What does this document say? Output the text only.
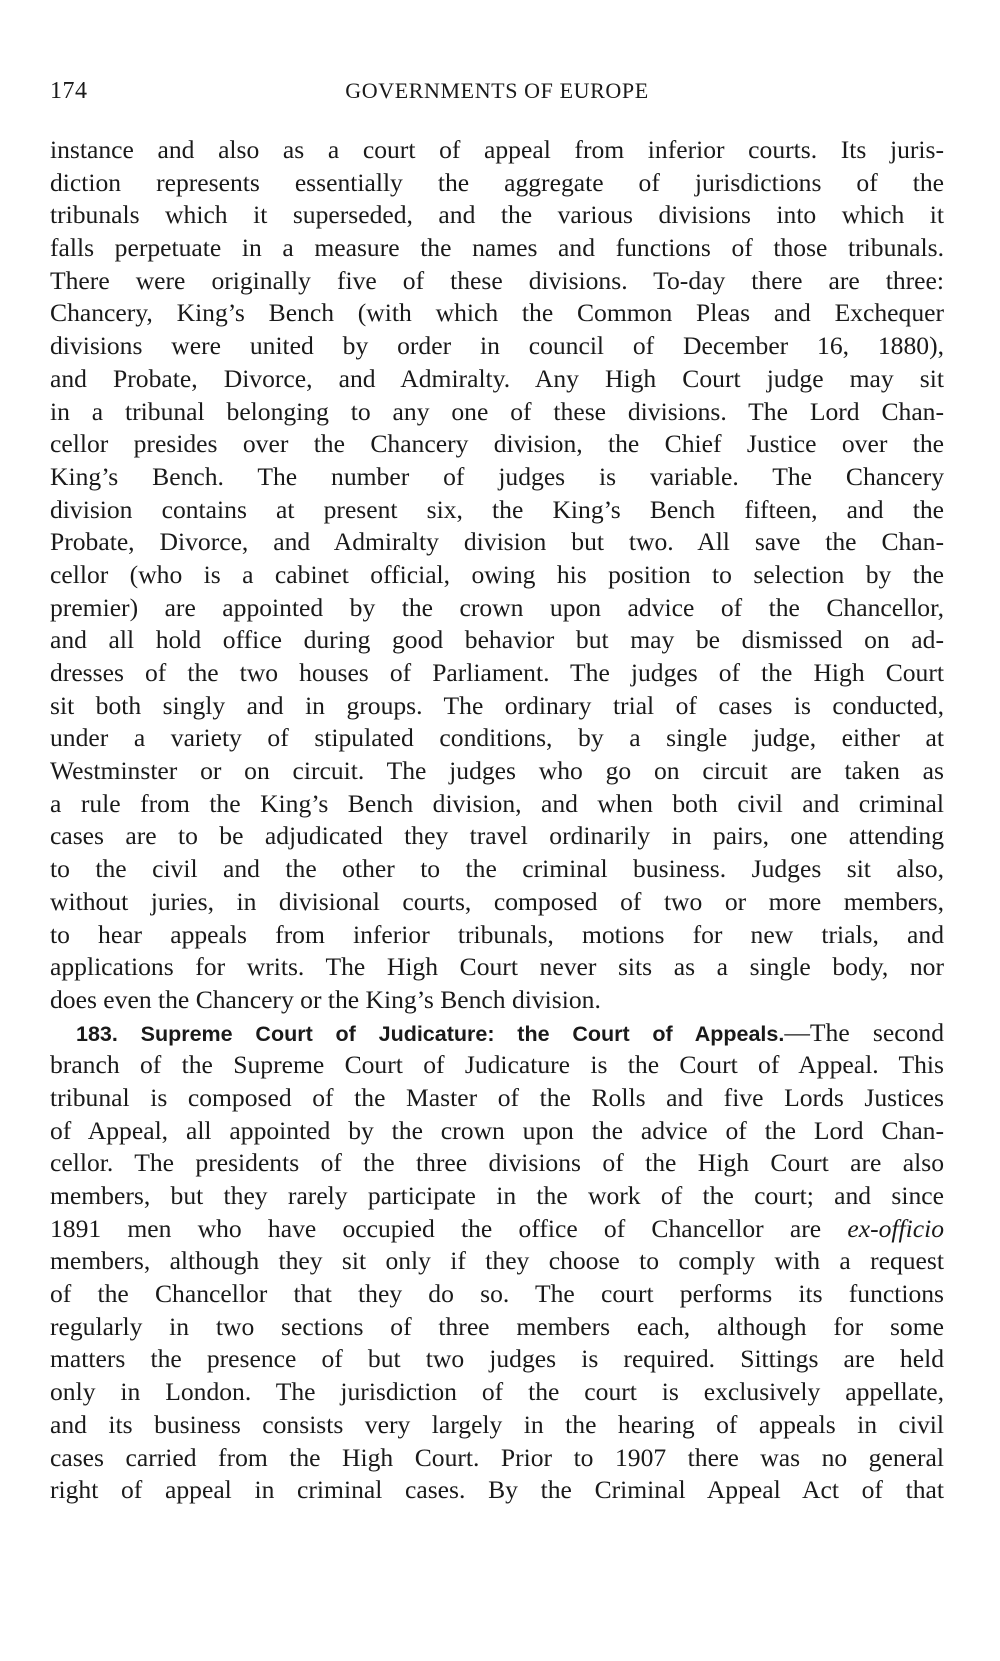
174	GOVERNMENTS OF EUROPE
instance and also as a court of appeal from inferior courts. Its juris-
diction represents essentially the aggregate of jurisdictions of the
tribunals which it superseded, and the various divisions into which it
falls perpetuate in a measure the names and functions of those tribunals.
There were originally five of these divisions. To-day there are three:
Chancery, King’s Bench (with which the Common Pleas and Exchequer
divisions were united by order in council of December 16, 1880),
and Probate, Divorce, and Admiralty. Any High Court judge may sit
in a tribunal belonging to any one of these divisions. The Lord Chan-
cellor presides over the Chancery division, the Chief Justice over the
King’s Bench. The number of judges is variable. The Chancery
division contains at present six, the King’s Bench fifteen, and the
Probate, Divorce, and Admiralty division but two. All save the Chan-
cellor (who is a cabinet official, owing his position to selection by the
premier) are appointed by the crown upon advice of the Chancellor,
and all hold office during good behavior but may be dismissed on ad-
dresses of the two houses of Parliament. The judges of the High Court
sit both singly and in groups. The ordinary trial of cases is conducted,
under a variety of stipulated conditions, by a single judge, either at
Westminster or on circuit. The judges who go on circuit are taken as
a rule from the King’s Bench division, and when both civil and criminal
cases are to be adjudicated they travel ordinarily in pairs, one attending
to the civil and the other to the criminal business. Judges sit also,
without juries, in divisional courts, composed of two or more members,
to hear appeals from inferior tribunals, motions for new trials, and
applications for writs. The High Court never sits as a single body, nor
does even the Chancery or the King’s Bench division.
183. Supreme Court of Judicature: the Court of Appeals.—The second
branch of the Supreme Court of Judicature is the Court of Appeal. This
tribunal is composed of the Master of the Rolls and five Lords Justices
of Appeal, all appointed by the crown upon the advice of the Lord Chan-
cellor. The presidents of the three divisions of the High Court are also
members, but they rarely participate in the work of the court; and since
1891 men who have occupied the office of Chancellor are ex-officio
members, although they sit only if they choose to comply with a request
of the Chancellor that they do so. The court performs its functions
regularly in two sections of three members each, although for some
matters the presence of but two judges is required. Sittings are held
only in London. The jurisdiction of the court is exclusively appellate,
and its business consists very largely in the hearing of appeals in civil
cases carried from the High Court. Prior to 1907 there was no general
right of appeal in criminal cases. By the Criminal Appeal Act of that
